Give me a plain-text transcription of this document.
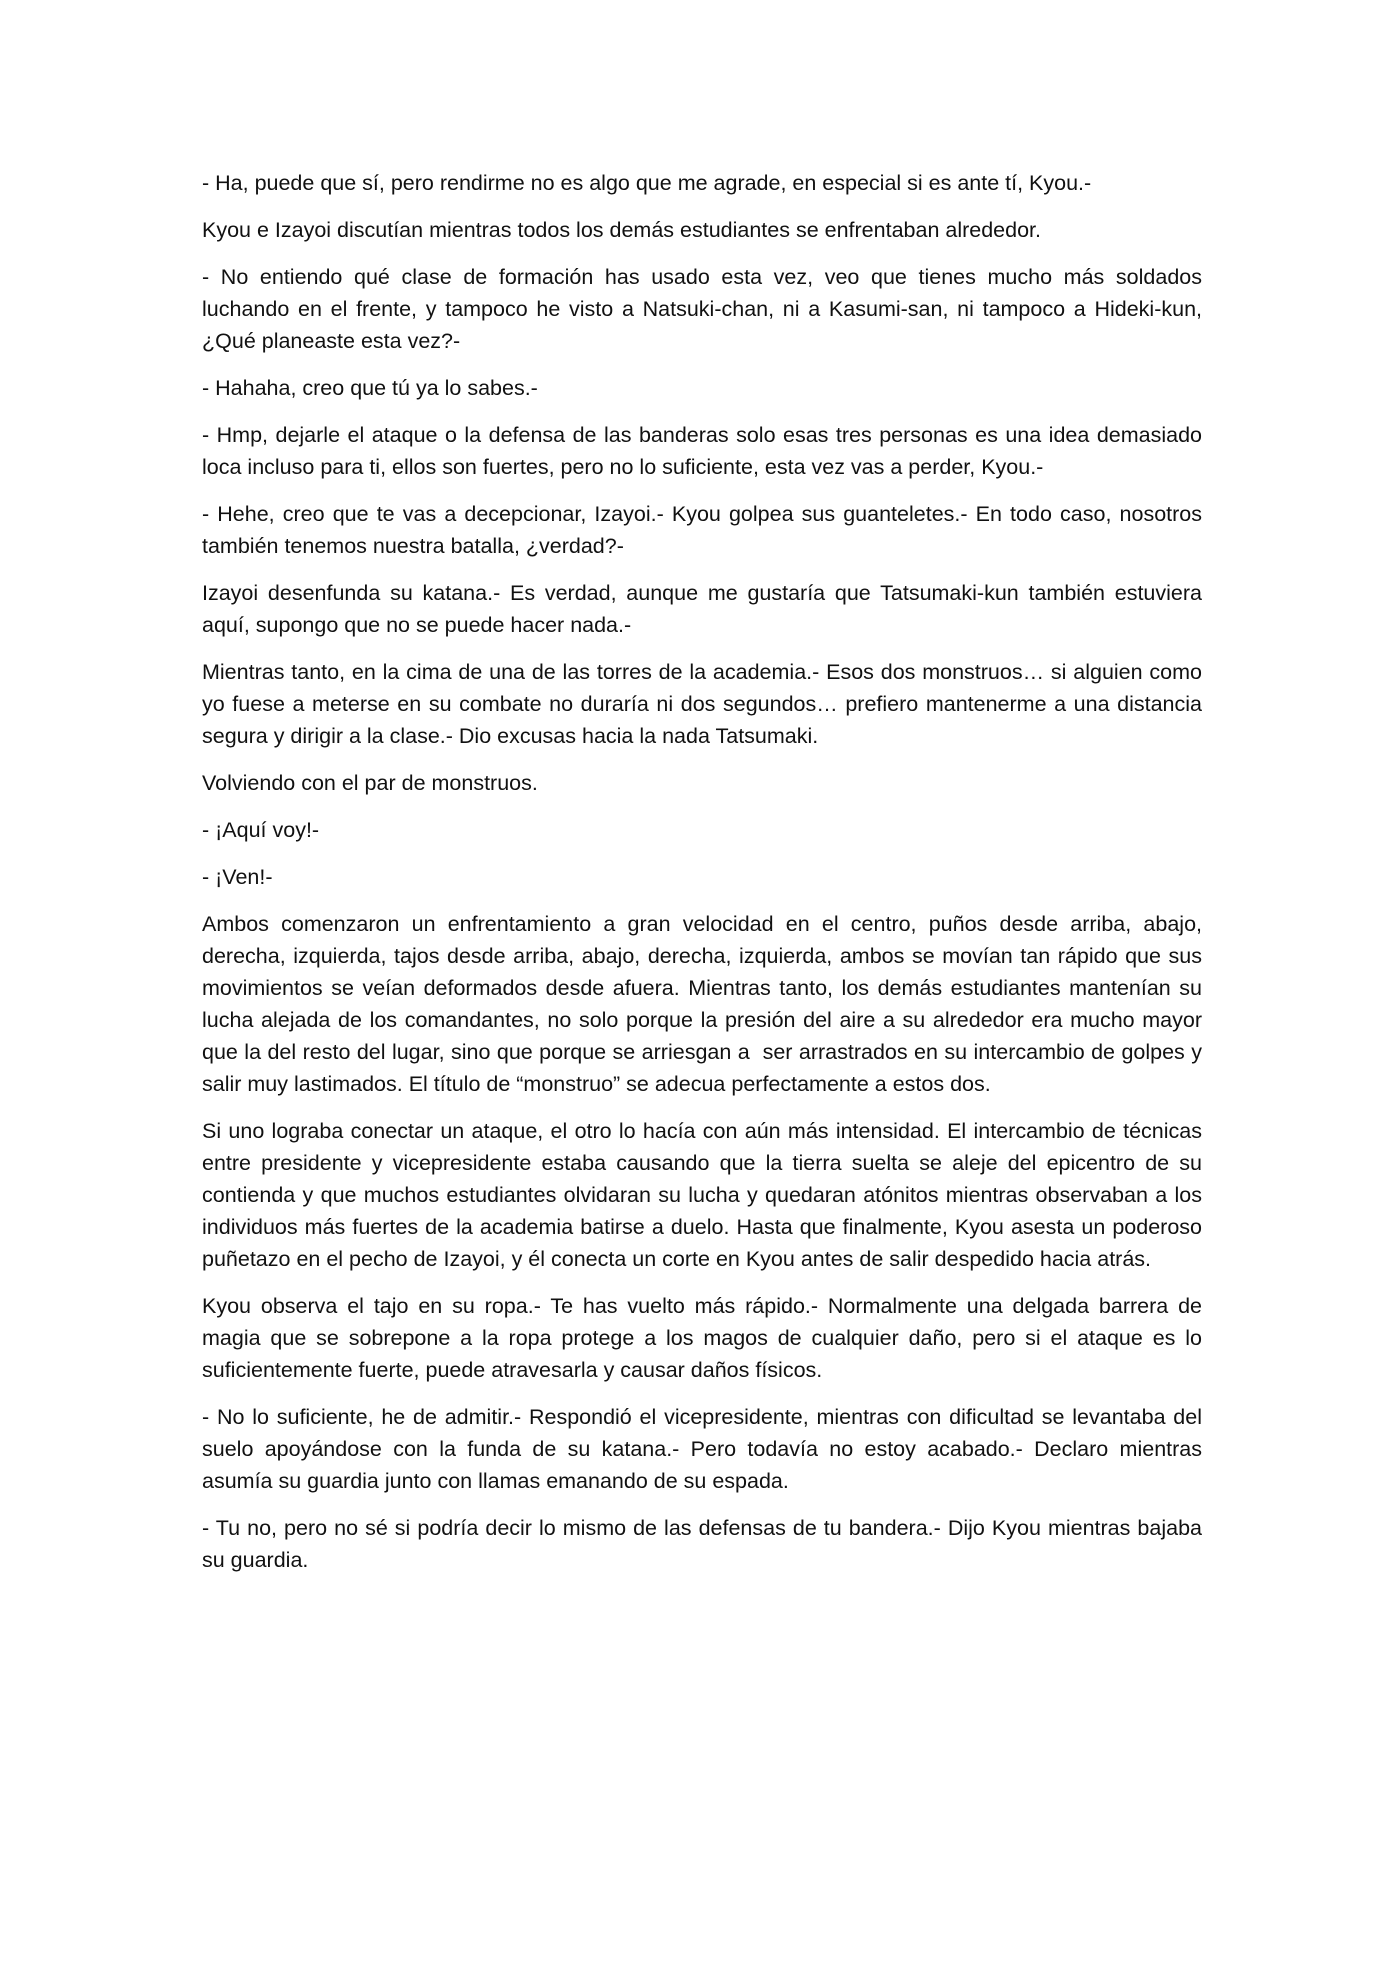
- Ha, puede que sí, pero rendirme no es algo que me agrade, en especial si es ante tí, Kyou.-

Kyou e Izayoi discutían mientras todos los demás estudiantes se enfrentaban alrededor.

- No entiendo qué clase de formación has usado esta vez, veo que tienes mucho más soldados luchando en el frente, y tampoco he visto a Natsuki-chan, ni a Kasumi-san, ni tampoco a Hideki-kun, ¿Qué planeaste esta vez?-

- Hahaha, creo que tú ya lo sabes.-

- Hmp, dejarle el ataque o la defensa de las banderas solo esas tres personas es una idea demasiado loca incluso para ti, ellos son fuertes, pero no lo suficiente, esta vez vas a perder, Kyou.-

- Hehe, creo que te vas a decepcionar, Izayoi.- Kyou golpea sus guanteletes.- En todo caso, nosotros también tenemos nuestra batalla, ¿verdad?-

Izayoi desenfunda su katana.- Es verdad, aunque me gustaría que Tatsumaki-kun también estuviera aquí, supongo que no se puede hacer nada.-

Mientras tanto, en la cima de una de las torres de la academia.- Esos dos monstruos… si alguien como yo fuese a meterse en su combate no duraría ni dos segundos… prefiero mantenerme a una distancia segura y dirigir a la clase.- Dio excusas hacia la nada Tatsumaki.

Volviendo con el par de monstruos.

- ¡Aquí voy!-

- ¡Ven!-

Ambos comenzaron un enfrentamiento a gran velocidad en el centro, puños desde arriba, abajo, derecha, izquierda, tajos desde arriba, abajo, derecha, izquierda, ambos se movían tan rápido que sus movimientos se veían deformados desde afuera. Mientras tanto, los demás estudiantes mantenían su lucha alejada de los comandantes, no solo porque la presión del aire a su alrededor era mucho mayor que la del resto del lugar, sino que porque se arriesgan a  ser arrastrados en su intercambio de golpes y salir muy lastimados. El título de “monstruo” se adecua perfectamente a estos dos.

Si uno lograba conectar un ataque, el otro lo hacía con aún más intensidad. El intercambio de técnicas entre presidente y vicepresidente estaba causando que la tierra suelta se aleje del epicentro de su contienda y que muchos estudiantes olvidaran su lucha y quedaran atónitos mientras observaban a los individuos más fuertes de la academia batirse a duelo. Hasta que finalmente, Kyou asesta un poderoso puñetazo en el pecho de Izayoi, y él conecta un corte en Kyou antes de salir despedido hacia atrás.

Kyou observa el tajo en su ropa.- Te has vuelto más rápido.- Normalmente una delgada barrera de magia que se sobrepone a la ropa protege a los magos de cualquier daño, pero si el ataque es lo suficientemente fuerte, puede atravesarla y causar daños físicos.

- No lo suficiente, he de admitir.- Respondió el vicepresidente, mientras con dificultad se levantaba del suelo apoyándose con la funda de su katana.- Pero todavía no estoy acabado.- Declaro mientras asumía su guardia junto con llamas emanando de su espada.

- Tu no, pero no sé si podría decir lo mismo de las defensas de tu bandera.- Dijo Kyou mientras bajaba su guardia.
